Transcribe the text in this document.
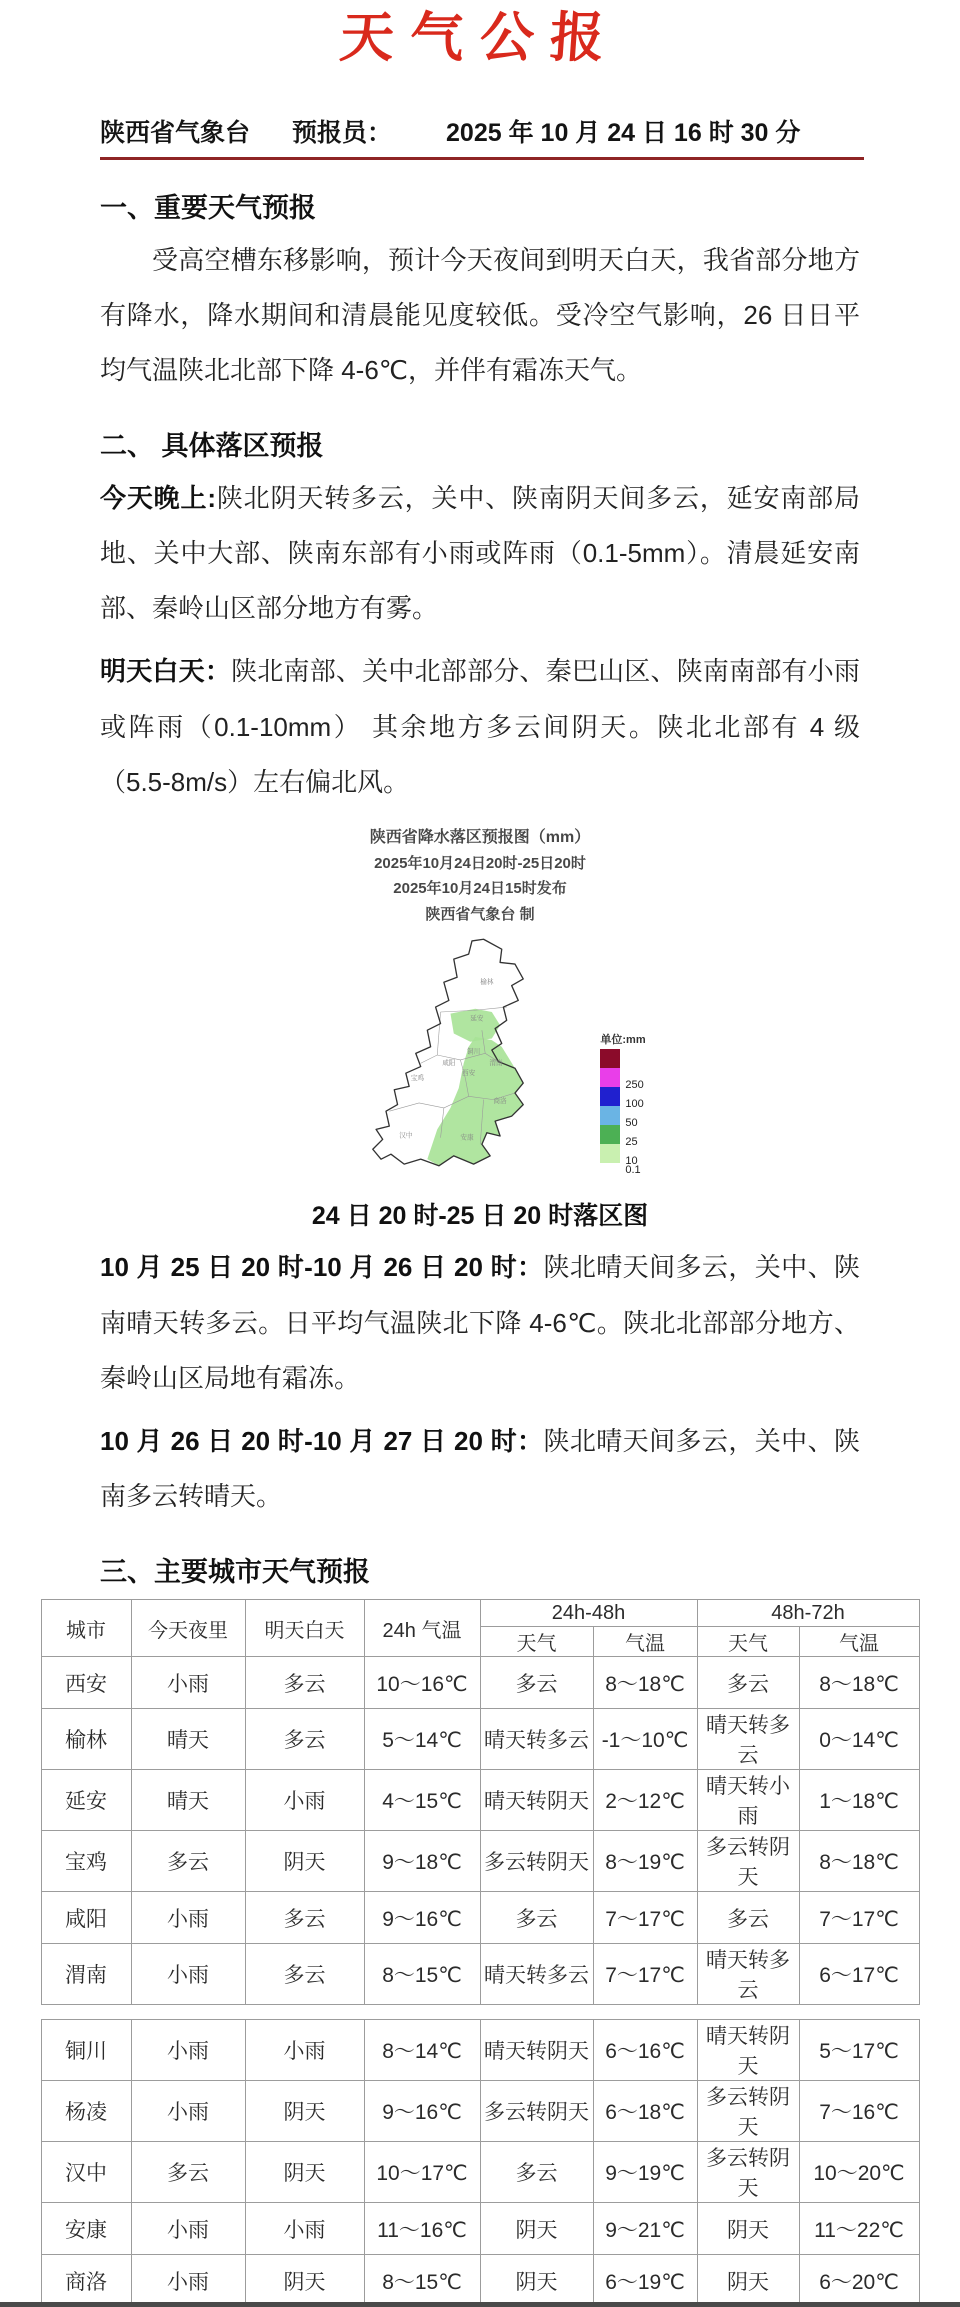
天气公报
陕西省气象台 预报员： 2025 年 10 月 24 日 16 时 30 分
一、重要天气预报

受高空槽东移影响，预计今天夜间到明天白天，我省部分地方有降水，降水期间和清晨能见度较低。受冷空气影响，26 日日平均气温陕北北部下降 4-6℃，并伴有霜冻天气。

二、 具体落区预报

今天晚上:陕北阴天转多云，关中、陕南阴天间多云，延安南部局地、关中大部、陕南东部有小雨或阵雨（0.1-5mm）。清晨延安南部、秦岭山区部分地方有雾。

明天白天：陕北南部、关中北部部分、秦巴山区、陕南南部有小雨或阵雨（0.1-10mm） 其余地方多云间阴天。陕北北部有 4 级（5.5-8m/s）左右偏北风。

陕西省降水落区预报图（mm）
2025年10月24日20时-25日20时
2025年10月24日15时发布
陕西省气象台 制
榆林
延安
铜川
咸阳	渭南
西安
宝鸡
商洛
汉中	安康
单位:mm
250
100
50
25
10
0.1
24 日 20 时-25 日 20 时落区图

10 月 25 日 20 时-10 月 26 日 20 时：陕北晴天间多云，关中、陕南晴天转多云。日平均气温陕北下降 4-6℃。陕北北部部分地方、秦岭山区局地有霜冻。

10 月 26 日 20 时-10 月 27 日 20 时：陕北晴天间多云，关中、陕南多云转晴天。

三、主要城市天气预报
城市	今天夜里	明天白天	24h 气温	24h-48h		48h-72h	
				天气	气温	天气	气温
西安	小雨	多云	10～16℃	多云	8～18℃	多云	8～18℃
榆林	晴天	多云	5～14℃	晴天转多云	-1～10℃	晴天转多云	0～14℃
延安	晴天	小雨	4～15℃	晴天转阴天	2～12℃	晴天转小雨	1～18℃
宝鸡	多云	阴天	9～18℃	多云转阴天	8～19℃	多云转阴天	8～18℃
咸阳	小雨	多云	9～16℃	多云	7～17℃	多云	7～17℃
渭南	小雨	多云	8～15℃	晴天转多云	7～17℃	晴天转多云	6～17℃
铜川	小雨	小雨	8～14℃	晴天转阴天	6～16℃	晴天转阴天	5～17℃
杨凌	小雨	阴天	9～16℃	多云转阴天	6～18℃	多云转阴天	7～16℃
汉中	多云	阴天	10～17℃	多云	9～19℃	多云转阴天	10～20℃
安康	小雨	小雨	11～16℃	阴天	9～21℃	阴天	11～22℃
商洛	小雨	阴天	8～15℃	阴天	6～19℃	阴天	6～20℃
